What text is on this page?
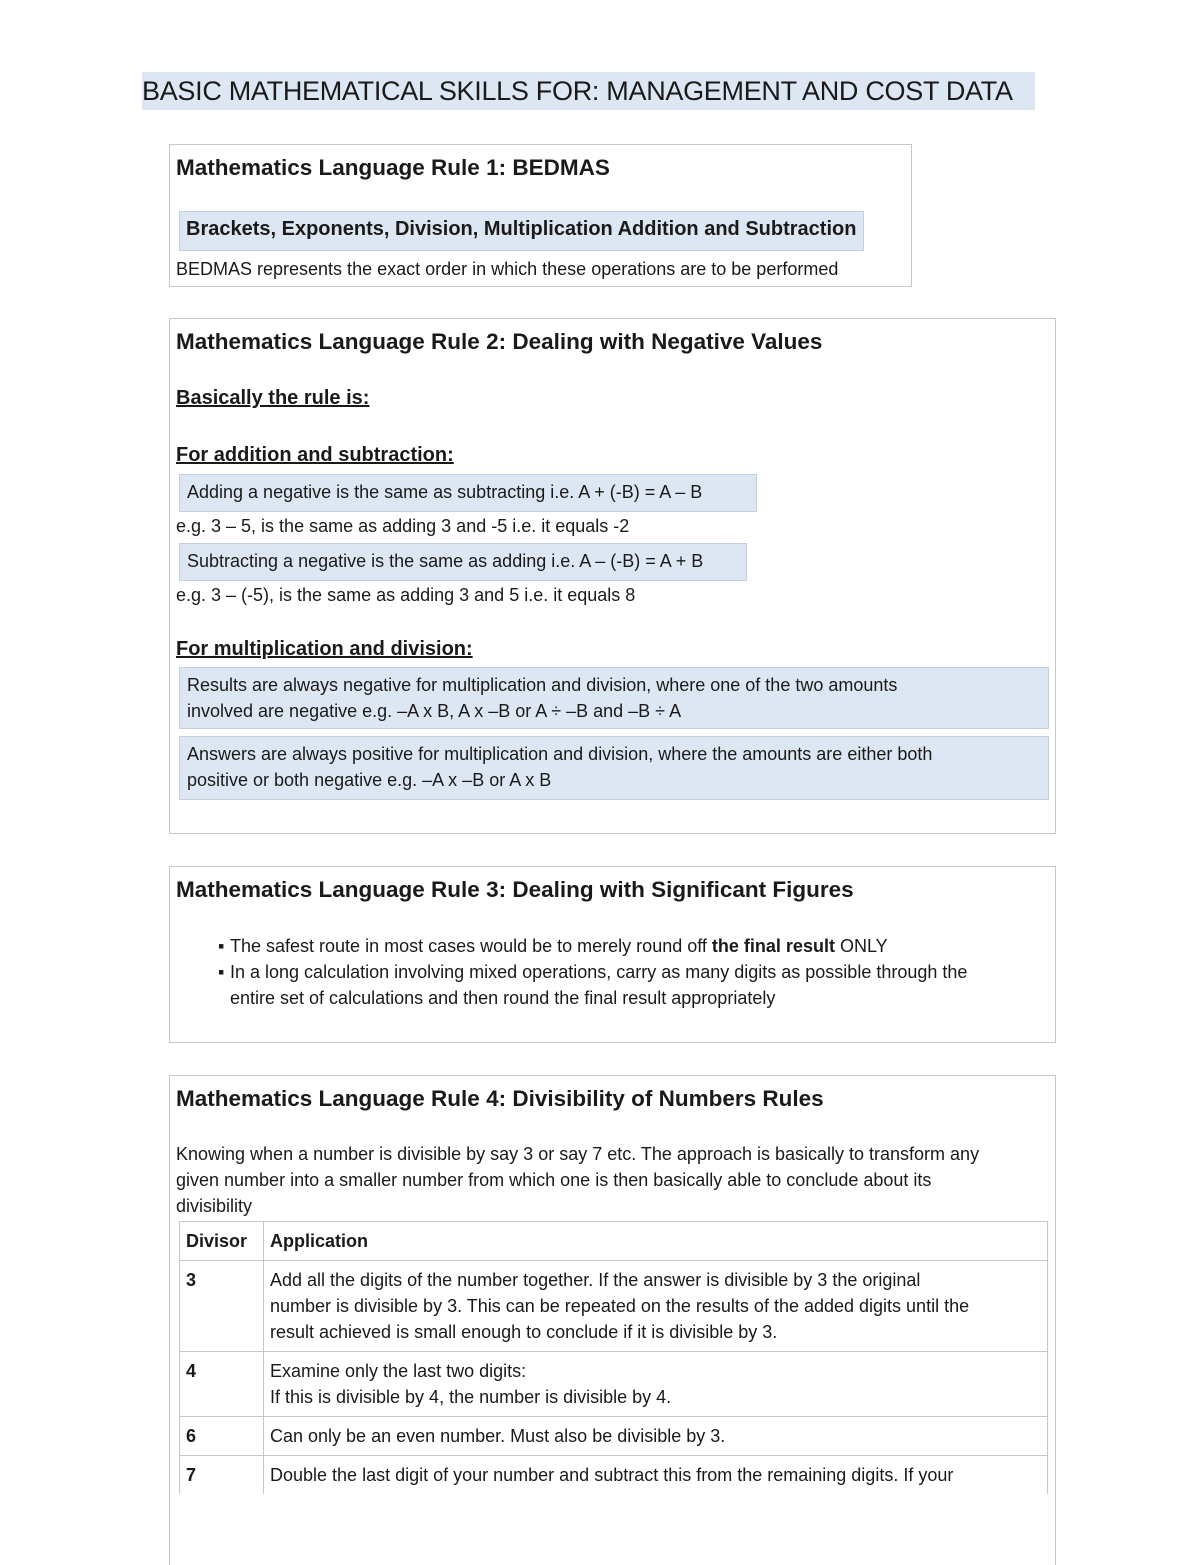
BASIC MATHEMATICAL SKILLS FOR: MANAGEMENT AND COST DATA
Mathematics Language Rule 1: BEDMAS
Brackets, Exponents, Division, Multiplication Addition and Subtraction
BEDMAS represents the exact order in which these operations are to be performed
Mathematics Language Rule 2: Dealing with Negative Values
Basically the rule is:
For addition and subtraction:
Adding a negative is the same as subtracting i.e. A + (-B) = A – B
e.g. 3 – 5, is the same as adding 3 and -5 i.e. it equals -2
Subtracting a negative is the same as adding i.e. A – (-B) = A + B
e.g. 3 – (-5), is the same as adding 3 and 5 i.e. it equals 8
For multiplication and division:
Results are always negative for multiplication and division, where one of the two amounts
involved are negative e.g. –A x B, A x –B or A ÷ –B and –B ÷ A
Answers are always positive for multiplication and division, where the amounts are either both
positive or both negative e.g. –A x –B or A x B
Mathematics Language Rule 3: Dealing with Significant Figures
▪ The safest route in most cases would be to merely round off the final result ONLY
▪ In a long calculation involving mixed operations, carry as many digits as possible through the
entire set of calculations and then round the final result appropriately
Mathematics Language Rule 4: Divisibility of Numbers Rules
Knowing when a number is divisible by say 3 or say 7 etc. The approach is basically to transform any
given number into a smaller number from which one is then basically able to conclude about its
divisibility
Divisor	Application
3	Add all the digits of the number together. If the answer is divisible by 3 the original
number is divisible by 3. This can be repeated on the results of the added digits until the
result achieved is small enough to conclude if it is divisible by 3.

4	Examine only the last two digits:
If this is divisible by 4, the number is divisible by 4.

6	Can only be an even number. Must also be divisible by 3.

7	Double the last digit of your number and subtract this from the remaining digits. If your
